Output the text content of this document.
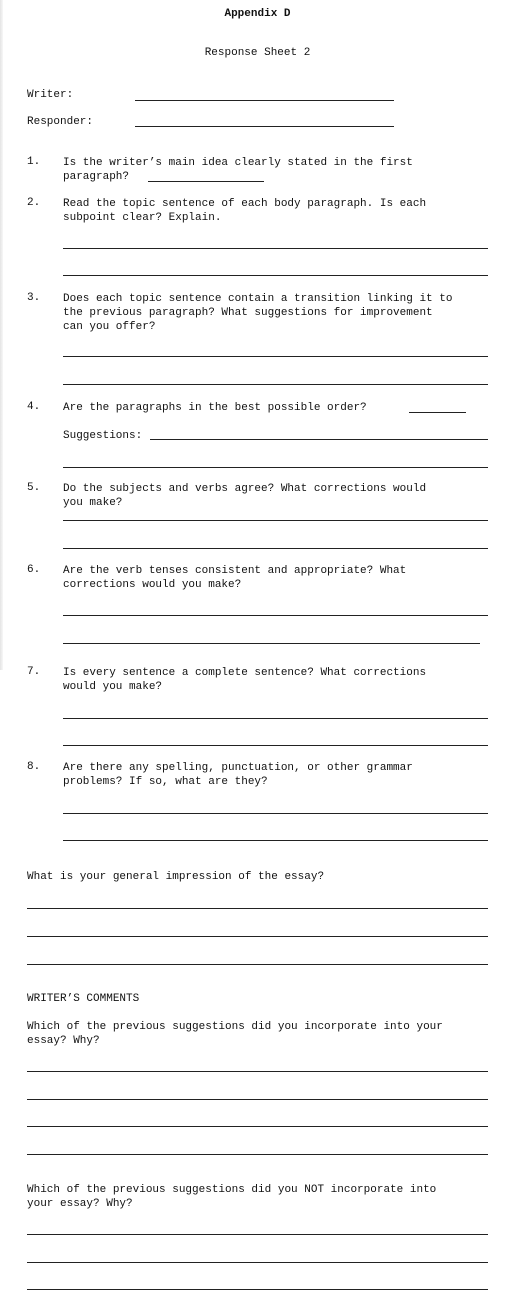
Appendix D
Response Sheet 2
Writer:
Responder:
1. Is the writer’s main idea clearly stated in the first
paragraph?
2. Read the topic sentence of each body paragraph. Is each
subpoint clear? Explain.
3. Does each topic sentence contain a transition linking it to
the previous paragraph? What suggestions for improvement
can you offer?
4. Are the paragraphs in the best possible order?
Suggestions:
5. Do the subjects and verbs agree? What corrections would
you make?
6. Are the verb tenses consistent and appropriate? What
corrections would you make?
7. Is every sentence a complete sentence? What corrections
would you make?
8. Are there any spelling, punctuation, or other grammar
problems? If so, what are they?
What is your general impression of the essay?
WRITER’S COMMENTS
Which of the previous suggestions did you incorporate into your
essay? Why?
Which of the previous suggestions did you NOT incorporate into
your essay? Why?
